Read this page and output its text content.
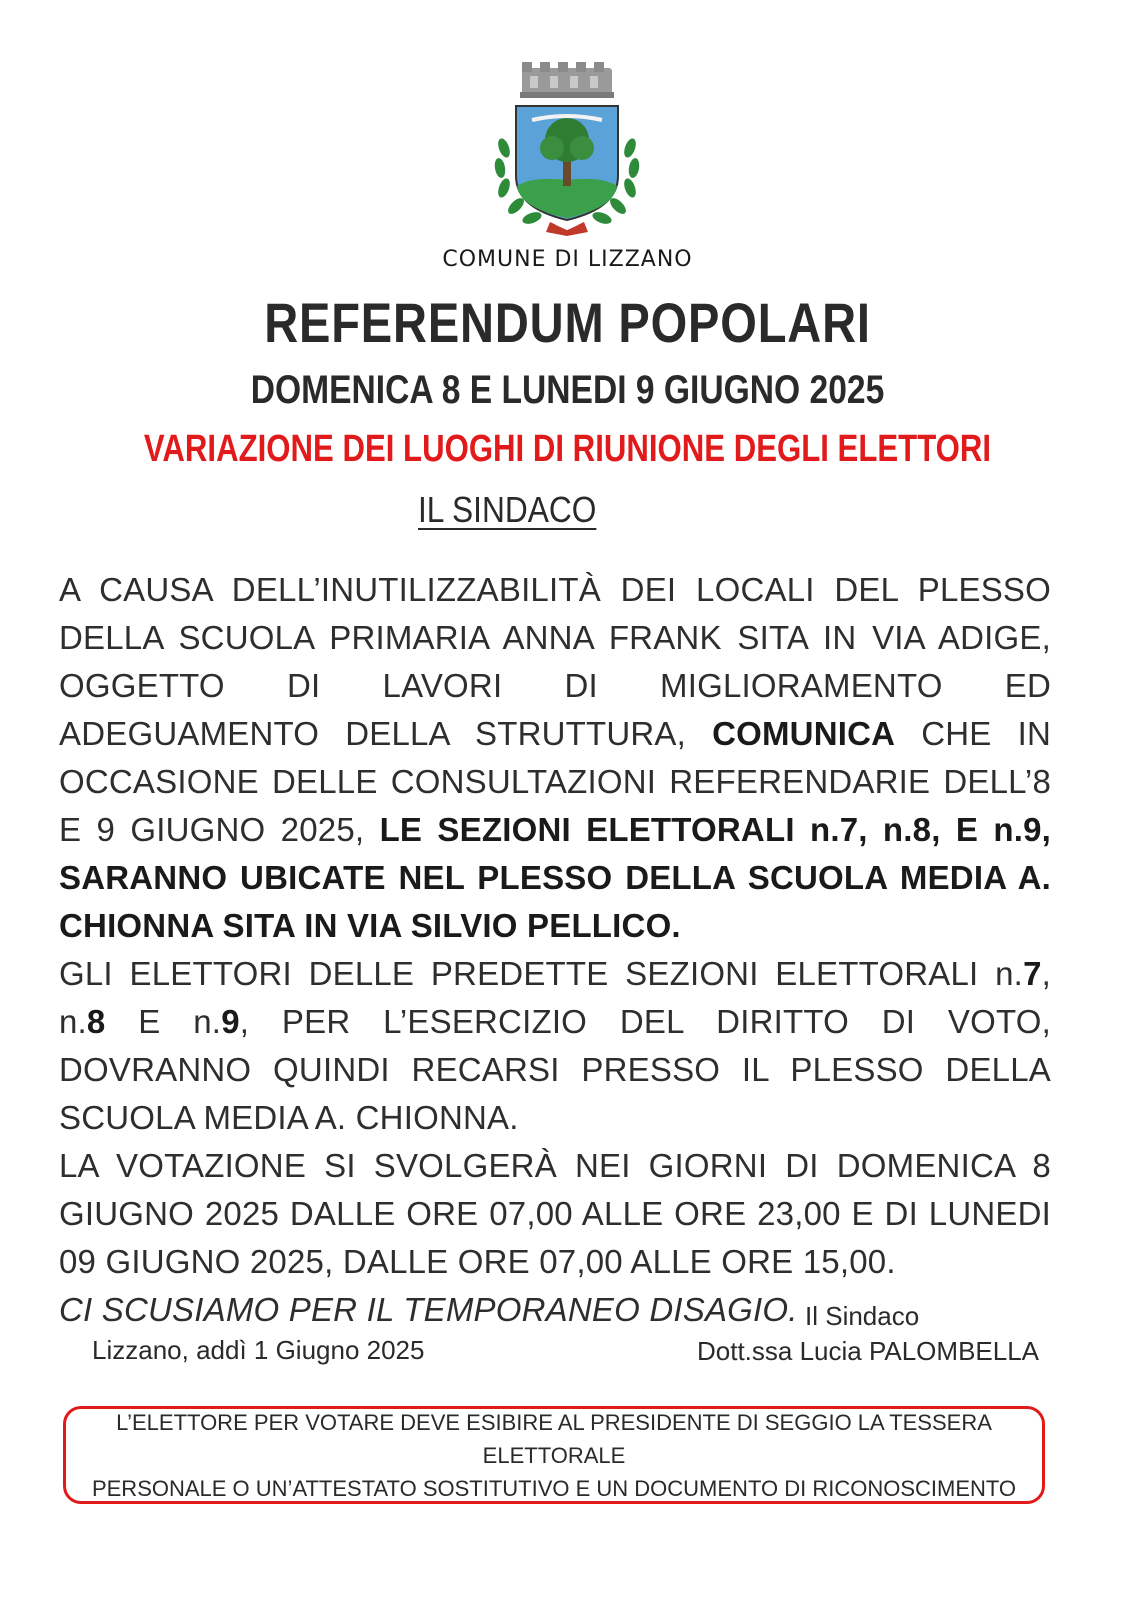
COMUNE DI LIZZANO
REFERENDUM POPOLARI
DOMENICA 8 E LUNEDI 9 GIUGNO 2025
VARIAZIONE DEI LUOGHI DI RIUNIONE DEGLI ELETTORI
IL SINDACO

A CAUSA DELL’INUTILIZZABILITÀ DEI LOCALI DEL PLESSO DELLA SCUOLA PRIMARIA ANNA FRANK SITA IN VIA ADIGE, OGGETTO DI LAVORI DI MIGLIORAMENTO ED ADEGUAMENTO DELLA STRUTTURA, COMUNICA CHE IN OCCASIONE DELLE CONSULTAZIONI REFERENDARIE DELL’8 E 9 GIUGNO 2025, LE SEZIONI ELETTORALI n.7, n.8, E n.9, SARANNO UBICATE NEL PLESSO DELLA SCUOLA MEDIA A. CHIONNA SITA IN VIA SILVIO PELLICO.

GLI ELETTORI DELLE PREDETTE SEZIONI ELETTORALI n.7, n.8 E n.9, PER L’ESERCIZIO DEL DIRITTO DI VOTO, DOVRANNO QUINDI RECARSI PRESSO IL PLESSO DELLA SCUOLA MEDIA A. CHIONNA.

LA VOTAZIONE SI SVOLGERÀ NEI GIORNI DI DOMENICA 8 GIUGNO 2025 DALLE ORE 07,00 ALLE ORE 23,00 E DI LUNEDI 09 GIUGNO 2025, DALLE ORE 07,00 ALLE ORE 15,00.

CI SCUSIAMO PER IL TEMPORANEO DISAGIO. Il Sindaco
Lizzano, addì 1 Giugno 2025	Dott.ssa Lucia PALOMBELLA
L’ELETTORE PER VOTARE DEVE ESIBIRE AL PRESIDENTE DI SEGGIO LA TESSERA ELETTORALE
PERSONALE O UN’ATTESTATO SOSTITUTIVO E UN DOCUMENTO DI RICONOSCIMENTO
